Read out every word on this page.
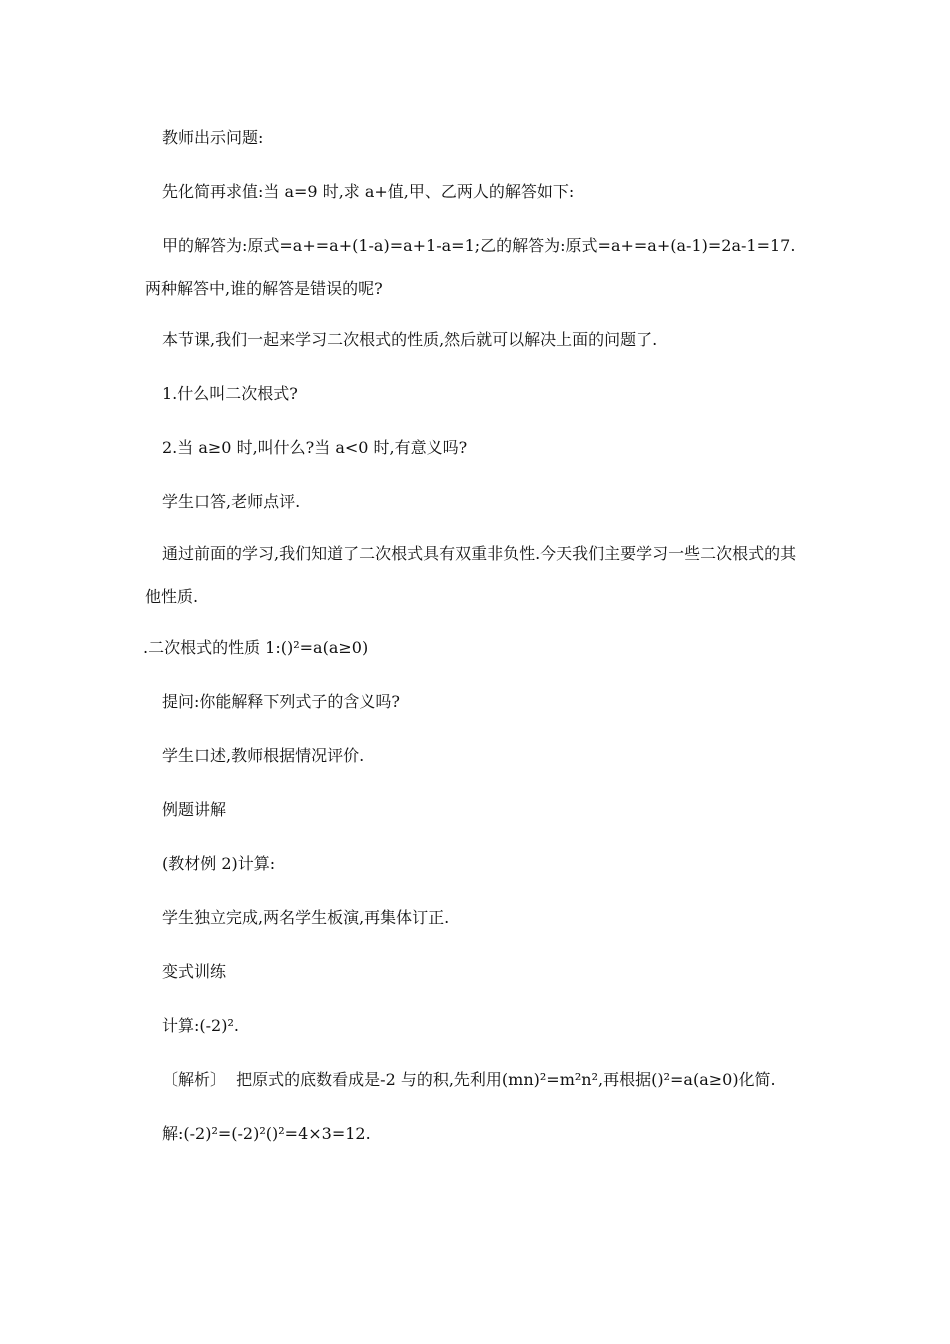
教师出示问题:

先化简再求值:当 a=9 时,求 a+值,甲、乙两人的解答如下:

甲的解答为:原式=a+=a+(1-a)=a+1-a=1;乙的解答为:原式=a+=a+(a-1)=2a-1=17.两种解答中,谁的解答是错误的呢?

本节课,我们一起来学习二次根式的性质,然后就可以解决上面的问题了.

1.什么叫二次根式?

2.当 a≥0 时,叫什么?当 a<0 时,有意义吗?

学生口答,老师点评.

通过前面的学习,我们知道了二次根式具有双重非负性.今天我们主要学习一些二次根式的其他性质.

.二次根式的性质 1:()²=a(a≥0)

提问:你能解释下列式子的含义吗?

学生口述,教师根据情况评价.

例题讲解

(教材例 2)计算:

学生独立完成,两名学生板演,再集体订正.

变式训练

计算:(-2)².

〔解析〕  把原式的底数看成是-2 与的积,先利用(mn)²=m²n²,再根据()²=a(a≥0)化简.

解:(-2)²=(-2)²()²=4×3=12.
